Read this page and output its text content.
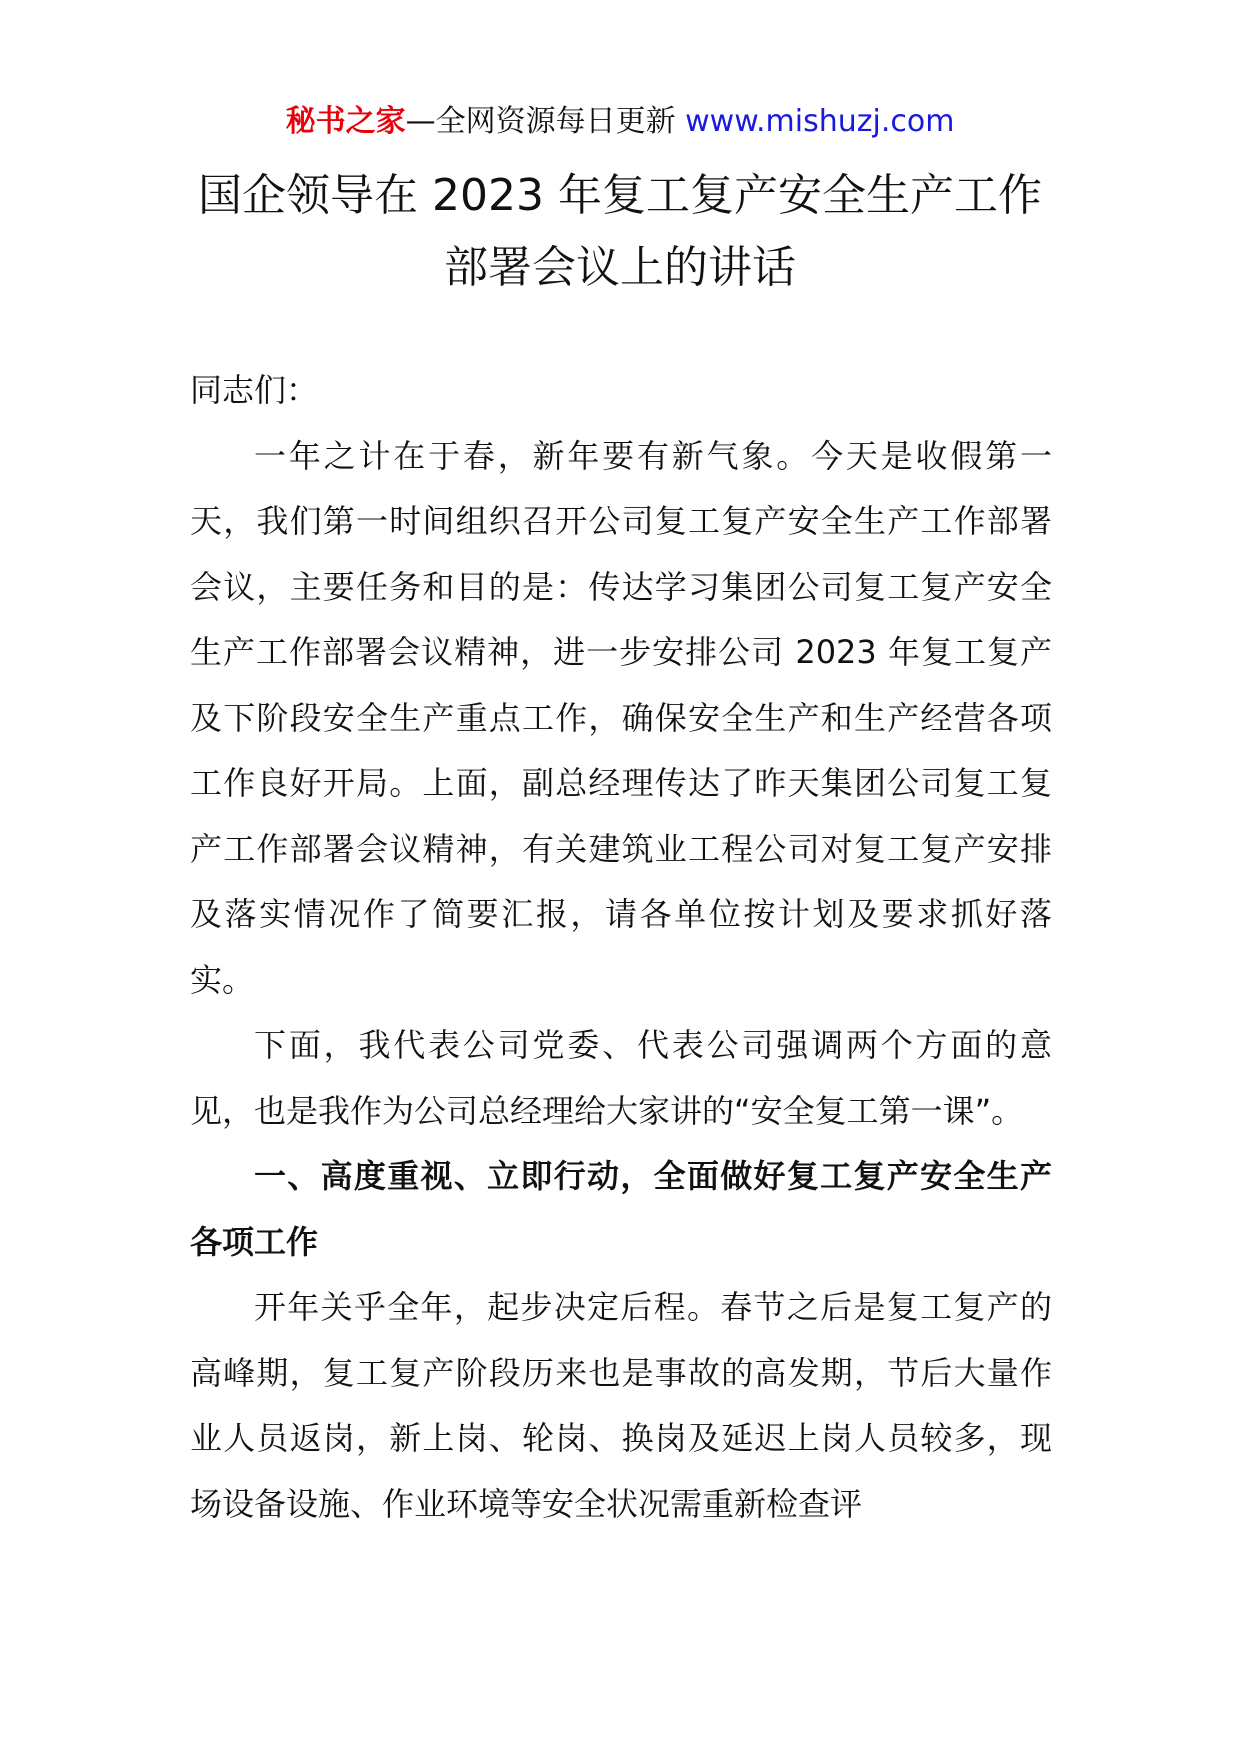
秘书之家—全网资源每日更新 www.mishuzj.com
国企领导在 2023 年复工复产安全生产工作
部署会议上的讲话

同志们：

一年之计在于春，新年要有新气象。今天是收假第一天，我们第一时间组织召开公司复工复产安全生产工作部署会议，主要任务和目的是：传达学习集团公司复工复产安全生产工作部署会议精神，进一步安排公司 2023 年复工复产及下阶段安全生产重点工作，确保安全生产和生产经营各项工作良好开局。上面，副总经理传达了昨天集团公司复工复产工作部署会议精神，有关建筑业工程公司对复工复产安排及落实情况作了简要汇报，请各单位按计划及要求抓好落实。

下面，我代表公司党委、代表公司强调两个方面的意见，也是我作为公司总经理给大家讲的“安全复工第一课”。

一、高度重视、立即行动，全面做好复工复产安全生产各项工作

开年关乎全年，起步决定后程。春节之后是复工复产的高峰期，复工复产阶段历来也是事故的高发期，节后大量作业人员返岗，新上岗、轮岗、换岗及延迟上岗人员较多，现场设备设施、作业环境等安全状况需重新检查评
